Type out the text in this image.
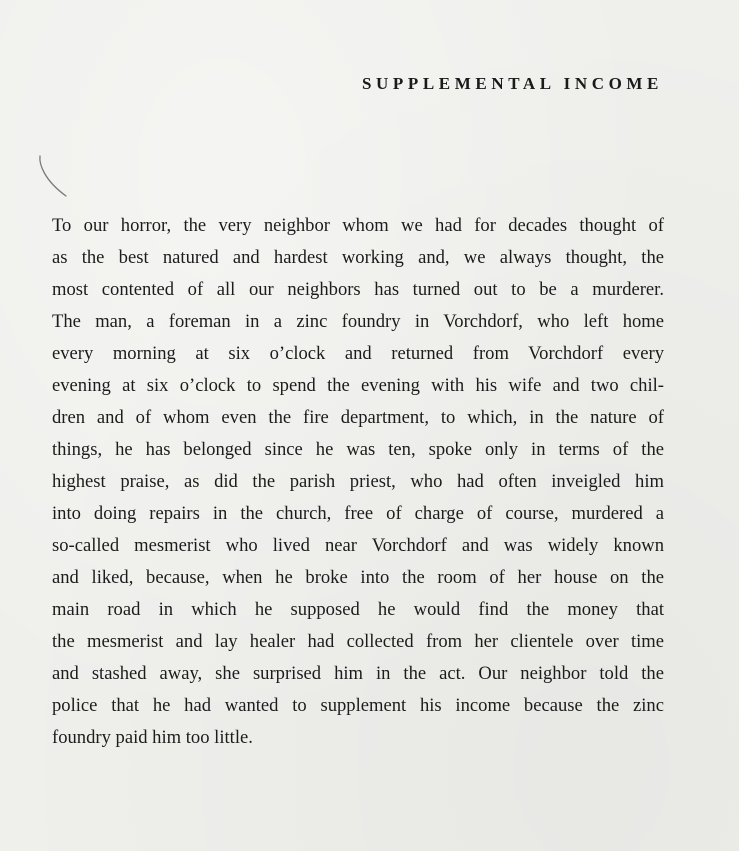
SUPPLEMENTAL INCOME
To our horror, the very neighbor whom we had for decades thought of
as the best natured and hardest working and, we always thought, the
most contented of all our neighbors has turned out to be a murderer.
The man, a foreman in a zinc foundry in Vorchdorf, who left home
every morning at six o’clock and returned from Vorchdorf every
evening at six o’clock to spend the evening with his wife and two chil-
dren and of whom even the fire department, to which, in the nature of
things, he has belonged since he was ten, spoke only in terms of the
highest praise, as did the parish priest, who had often inveigled him
into doing repairs in the church, free of charge of course, murdered a
so-called mesmerist who lived near Vorchdorf and was widely known
and liked, because, when he broke into the room of her house on the
main road in which he supposed he would find the money that
the mesmerist and lay healer had collected from her clientele over time
and stashed away, she surprised him in the act. Our neighbor told the
police that he had wanted to supplement his income because the zinc
foundry paid him too little.
